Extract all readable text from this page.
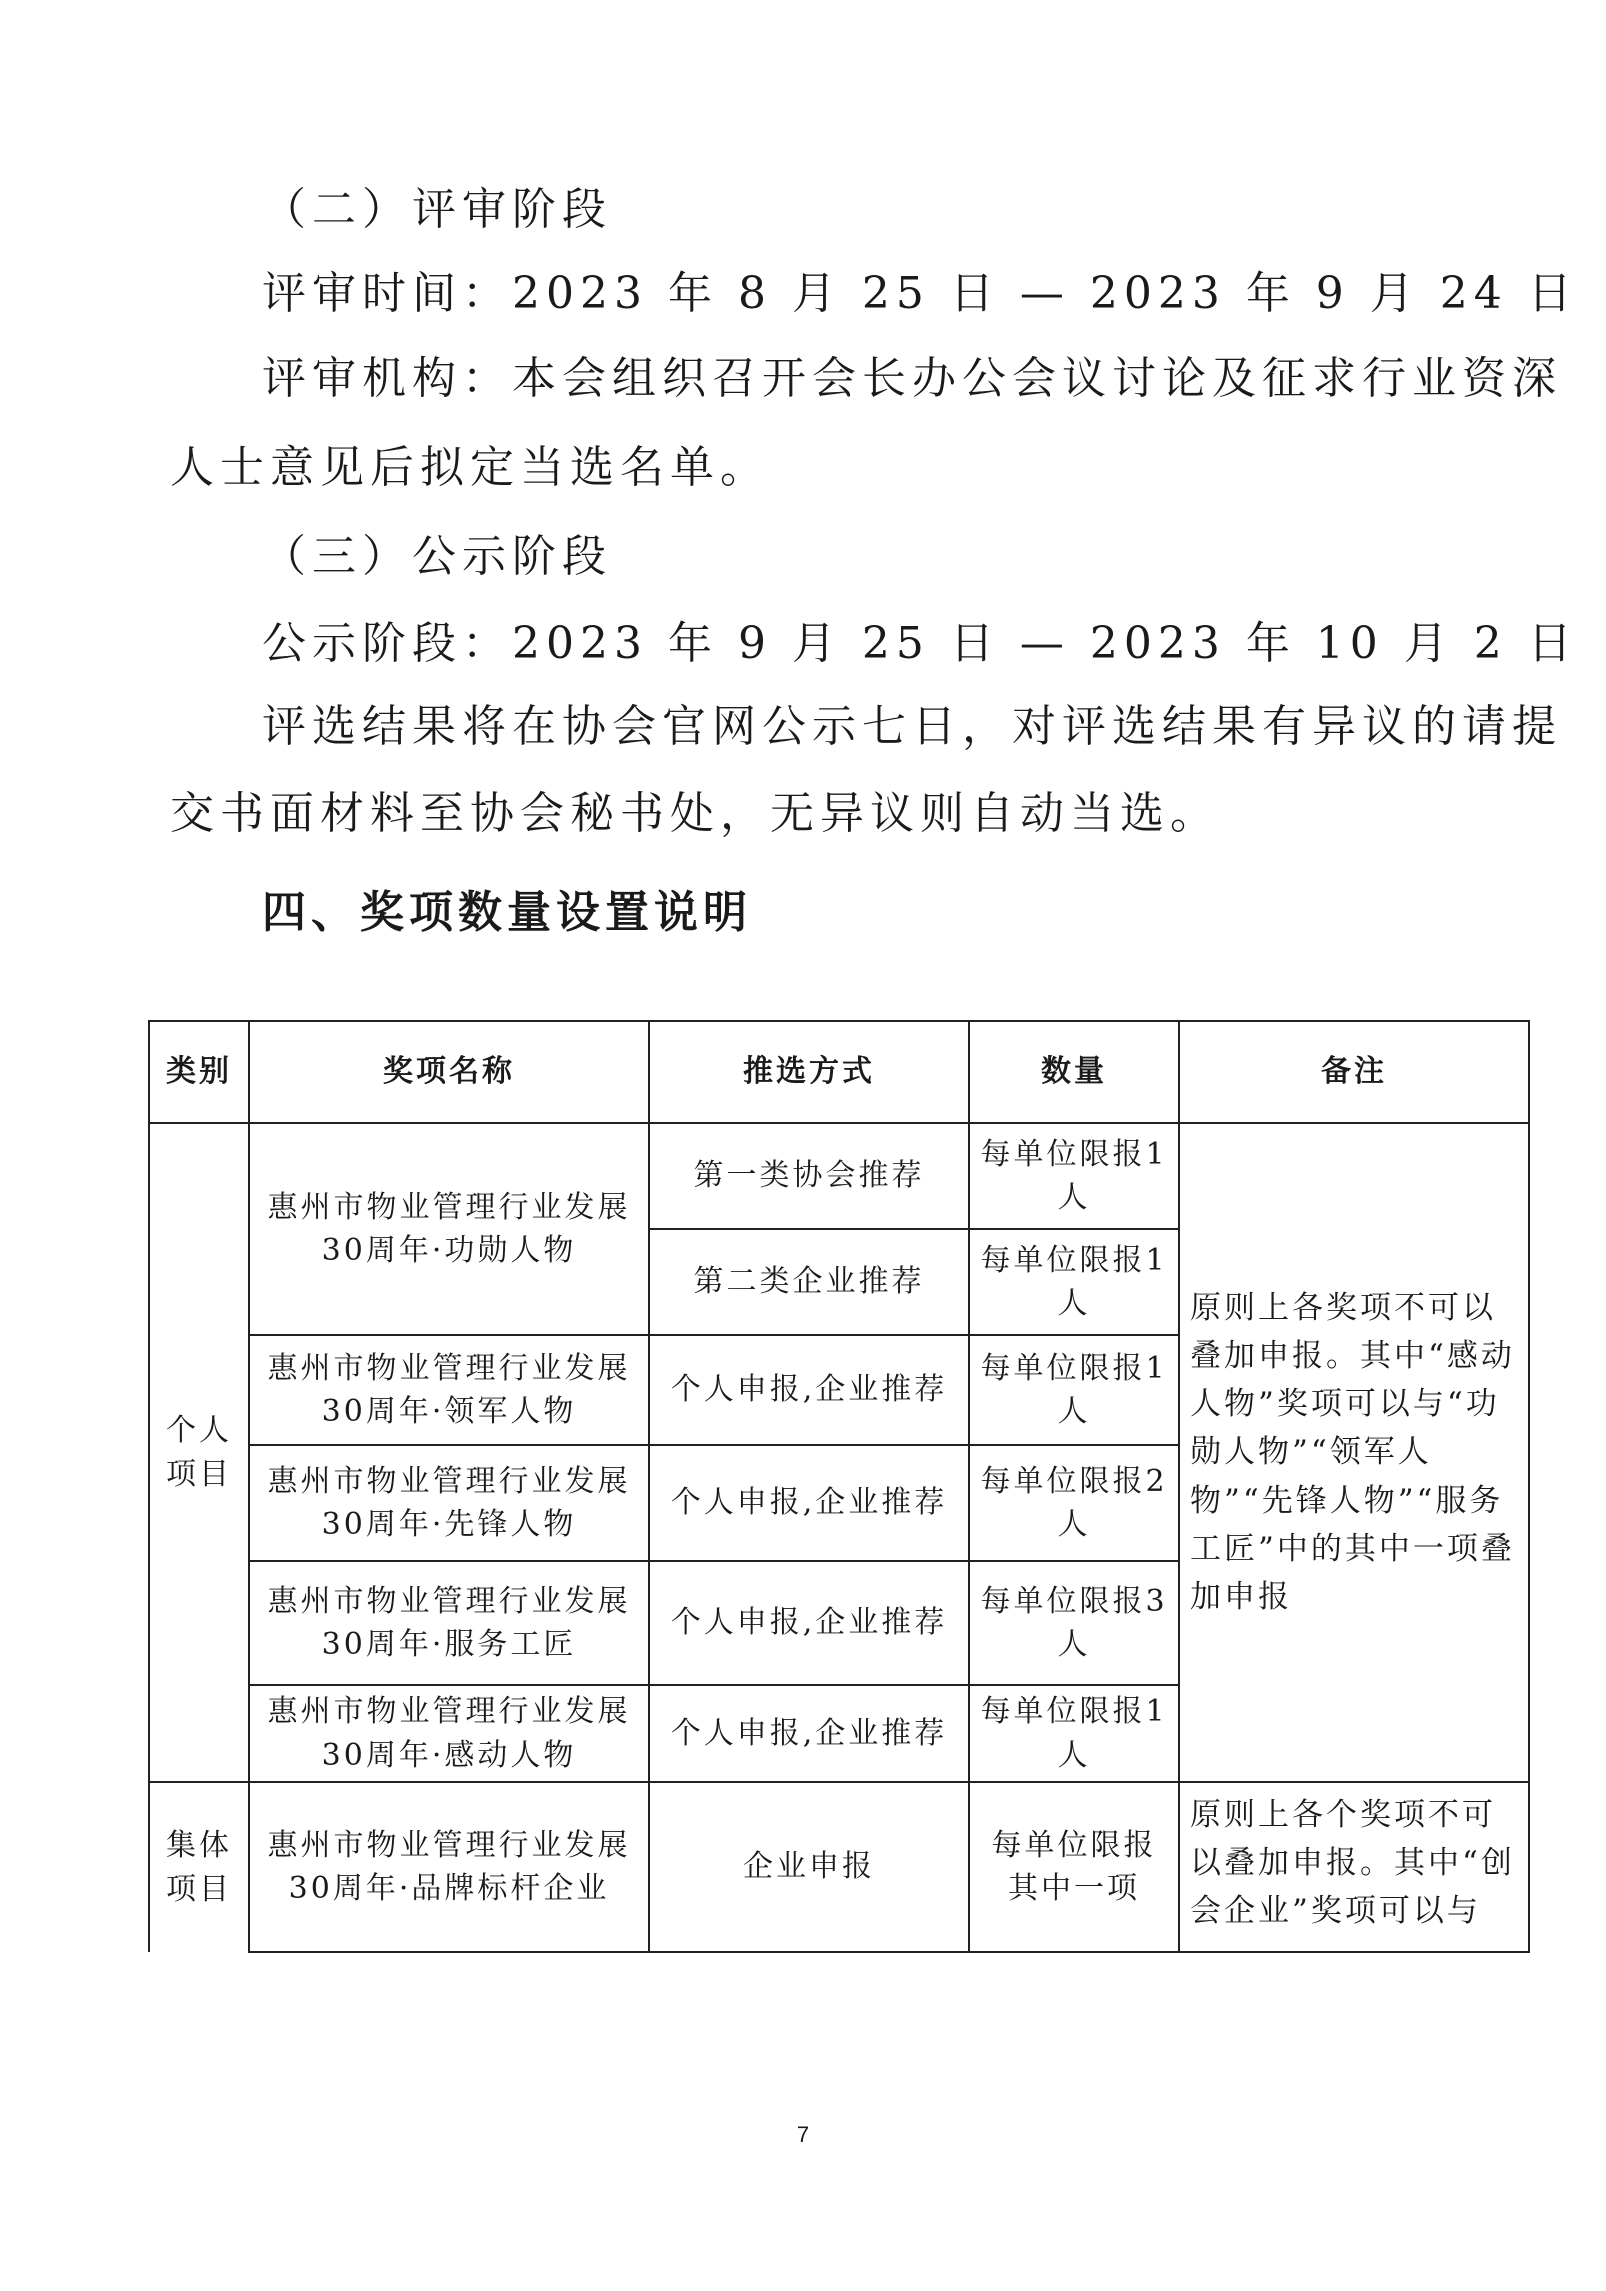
（二）评审阶段
评审时间：2023 年 8 月 25 日 — 2023 年 9 月 24 日
评审机构：本会组织召开会长办公会议讨论及征求行业资深
人士意见后拟定当选名单。
（三）公示阶段
公示阶段：2023 年 9 月 25 日 — 2023 年 10 月 2 日
评选结果将在协会官网公示七日，对评选结果有异议的请提
交书面材料至协会秘书处，无异议则自动当选。
四、奖项数量设置说明
类别	奖项名称	推选方式	数量	备注
个人项目	惠州市物业管理行业发展30周年·功勋人物	第一类协会推荐	每单位限报1人	原则上各奖项不可以叠加申报。其中“感动人物”奖项可以与“功勋人物”“领军人物”“先锋人物”“服务工匠”中的其中一项叠加申报
		第二类企业推荐	每单位限报1人	
	惠州市物业管理行业发展30周年·领军人物	个人申报,企业推荐	每单位限报1人	
	惠州市物业管理行业发展30周年·先锋人物	个人申报,企业推荐	每单位限报2人	
	惠州市物业管理行业发展30周年·服务工匠	个人申报,企业推荐	每单位限报3人	
	惠州市物业管理行业发展30周年·感动人物	个人申报,企业推荐	每单位限报1人	
集体项目	惠州市物业管理行业发展30周年·品牌标杆企业	企业申报	每单位限报其中一项	原则上各个奖项不可以叠加申报。其中“创会企业”奖项可以与
7
